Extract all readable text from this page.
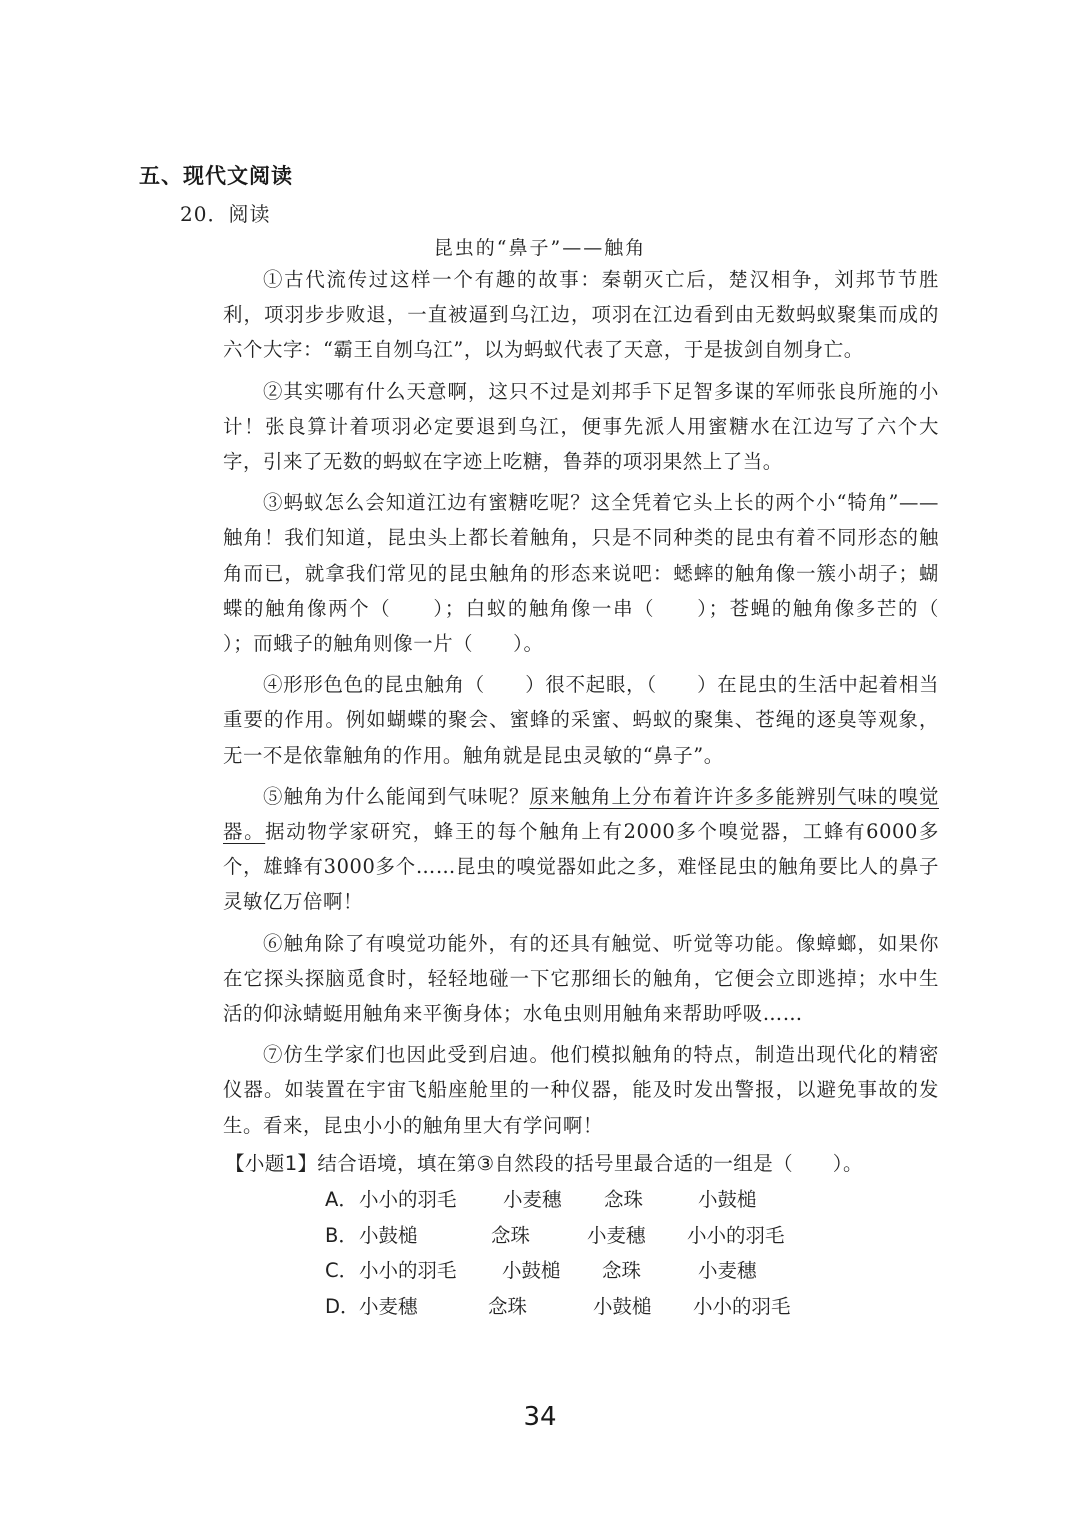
五、现代文阅读
20．阅读
昆虫的“鼻子”——触角

①古代流传过这样一个有趣的故事：秦朝灭亡后，楚汉相争，刘邦节节胜利，项羽步步败退，一直被逼到乌江边，项羽在江边看到由无数蚂蚁聚集而成的六个大字：“霸王自刎乌江”，以为蚂蚁代表了天意，于是拔剑自刎身亡。

②其实哪有什么天意啊，这只不过是刘邦手下足智多谋的军师张良所施的小计！张良算计着项羽必定要退到乌江，便事先派人用蜜糖水在江边写了六个大字，引来了无数的蚂蚁在字迹上吃糖，鲁莽的项羽果然上了当。

③蚂蚁怎么会知道江边有蜜糖吃呢？这全凭着它头上长的两个小“犄角”——触角！我们知道，昆虫头上都长着触角，只是不同种类的昆虫有着不同形态的触角而已，就拿我们常见的昆虫触角的形态来说吧：蟋蟀的触角像一簇小胡子；蝴蝶的触角像两个（　　）；白蚁的触角像一串（　　）；苍蝇的触角像多芒的（　　）；而蛾子的触角则像一片（　　）。

④形形色色的昆虫触角（　　）很不起眼，（　　）在昆虫的生活中起着相当重要的作用。例如蝴蝶的聚会、蜜蜂的采蜜、蚂蚁的聚集、苍绳的逐臭等观象，无一不是依靠触角的作用。触角就是昆虫灵敏的“鼻子”。

⑤触角为什么能闻到气味呢？原来触角上分布着许许多多能辨别气味的嗅觉器。据动物学家研究，蜂王的每个触角上有2000多个嗅觉器，工蜂有6000多个，雄蜂有3000多个……昆虫的嗅觉器如此之多，难怪昆虫的触角要比人的鼻子灵敏亿万倍啊！

⑥触角除了有嗅觉功能外，有的还具有触觉、听觉等功能。像蟑螂，如果你在它探头探脑觅食时，轻轻地碰一下它那细长的触角，它便会立即逃掉；水中生活的仰泳蜻蜓用触角来平衡身体；水龟虫则用触角来帮助呼吸……

⑦仿生学家们也因此受到启迪。他们模拟触角的特点，制造出现代化的精密仪器。如装置在宇宙飞船座舱里的一种仪器，能及时发出警报，以避免事故的发生。看来，昆虫小小的触角里大有学问啊！

【小题1】结合语境，填在第③自然段的括号里最合适的一组是（　　）。
A． 小小的羽毛 小麦穗 念珠	小鼓槌
B． 小鼓槌	念珠	小麦穗 小小的羽毛
C． 小小的羽毛 小鼓槌 念珠	小麦穗
D． 小麦穗	念珠	小鼓槌 小小的羽毛
34
